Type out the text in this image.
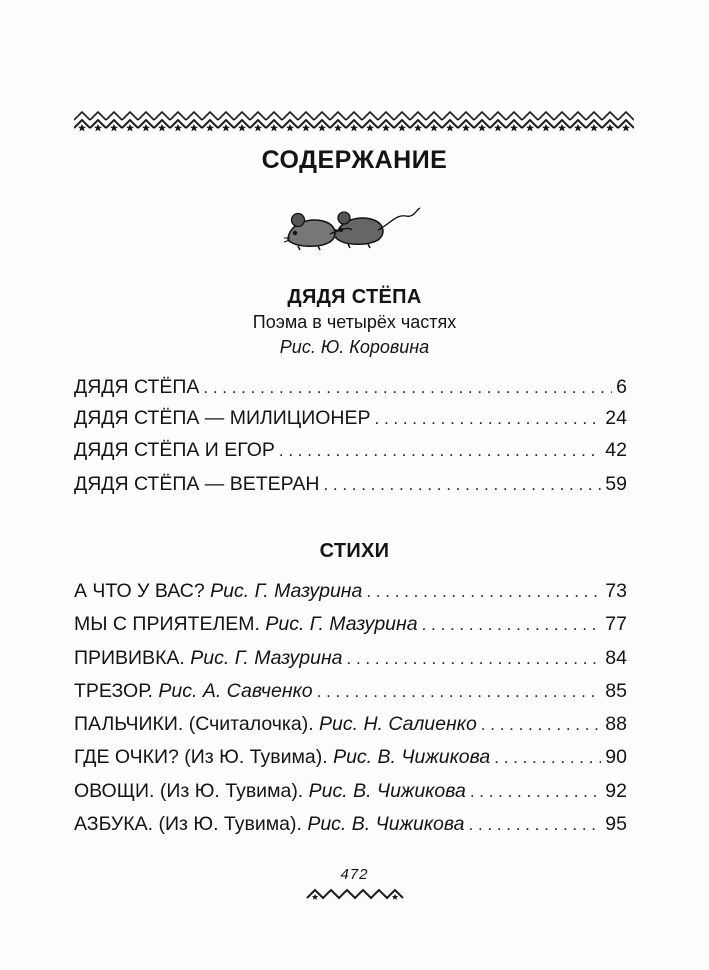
СОДЕРЖАНИЕ
ДЯДЯ СТЁПА
Поэма в четырёх частях
Рис. Ю. Коровина
ДЯДЯ СТЁПА . . .	6
ДЯДЯ СТЁПА — МИЛИЦИОНЕР . . .	24
ДЯДЯ СТЁПА И ЕГОР . . .	42
ДЯДЯ СТЁПА — ВЕТЕРАН . . .	59
СТИХИ
А ЧТО У ВАС? Рис. Г. Мазурина . . .	73
МЫ С ПРИЯТЕЛЕМ. Рис. Г. Мазурина . . .	77
ПРИВИВКА. Рис. Г. Мазурина . . .	84
ТРЕЗОР. Рис. А. Савченко . . .	85
ПАЛЬЧИКИ. (Считалочка). Рис. Н. Салиенко . . .	88
ГДЕ ОЧКИ? (Из Ю. Тувима). Рис. В. Чижикова . . .	90
ОВОЩИ. (Из Ю. Тувима). Рис. В. Чижикова . . .	92
АЗБУКА. (Из Ю. Тувима). Рис. В. Чижикова . . .	95
472
